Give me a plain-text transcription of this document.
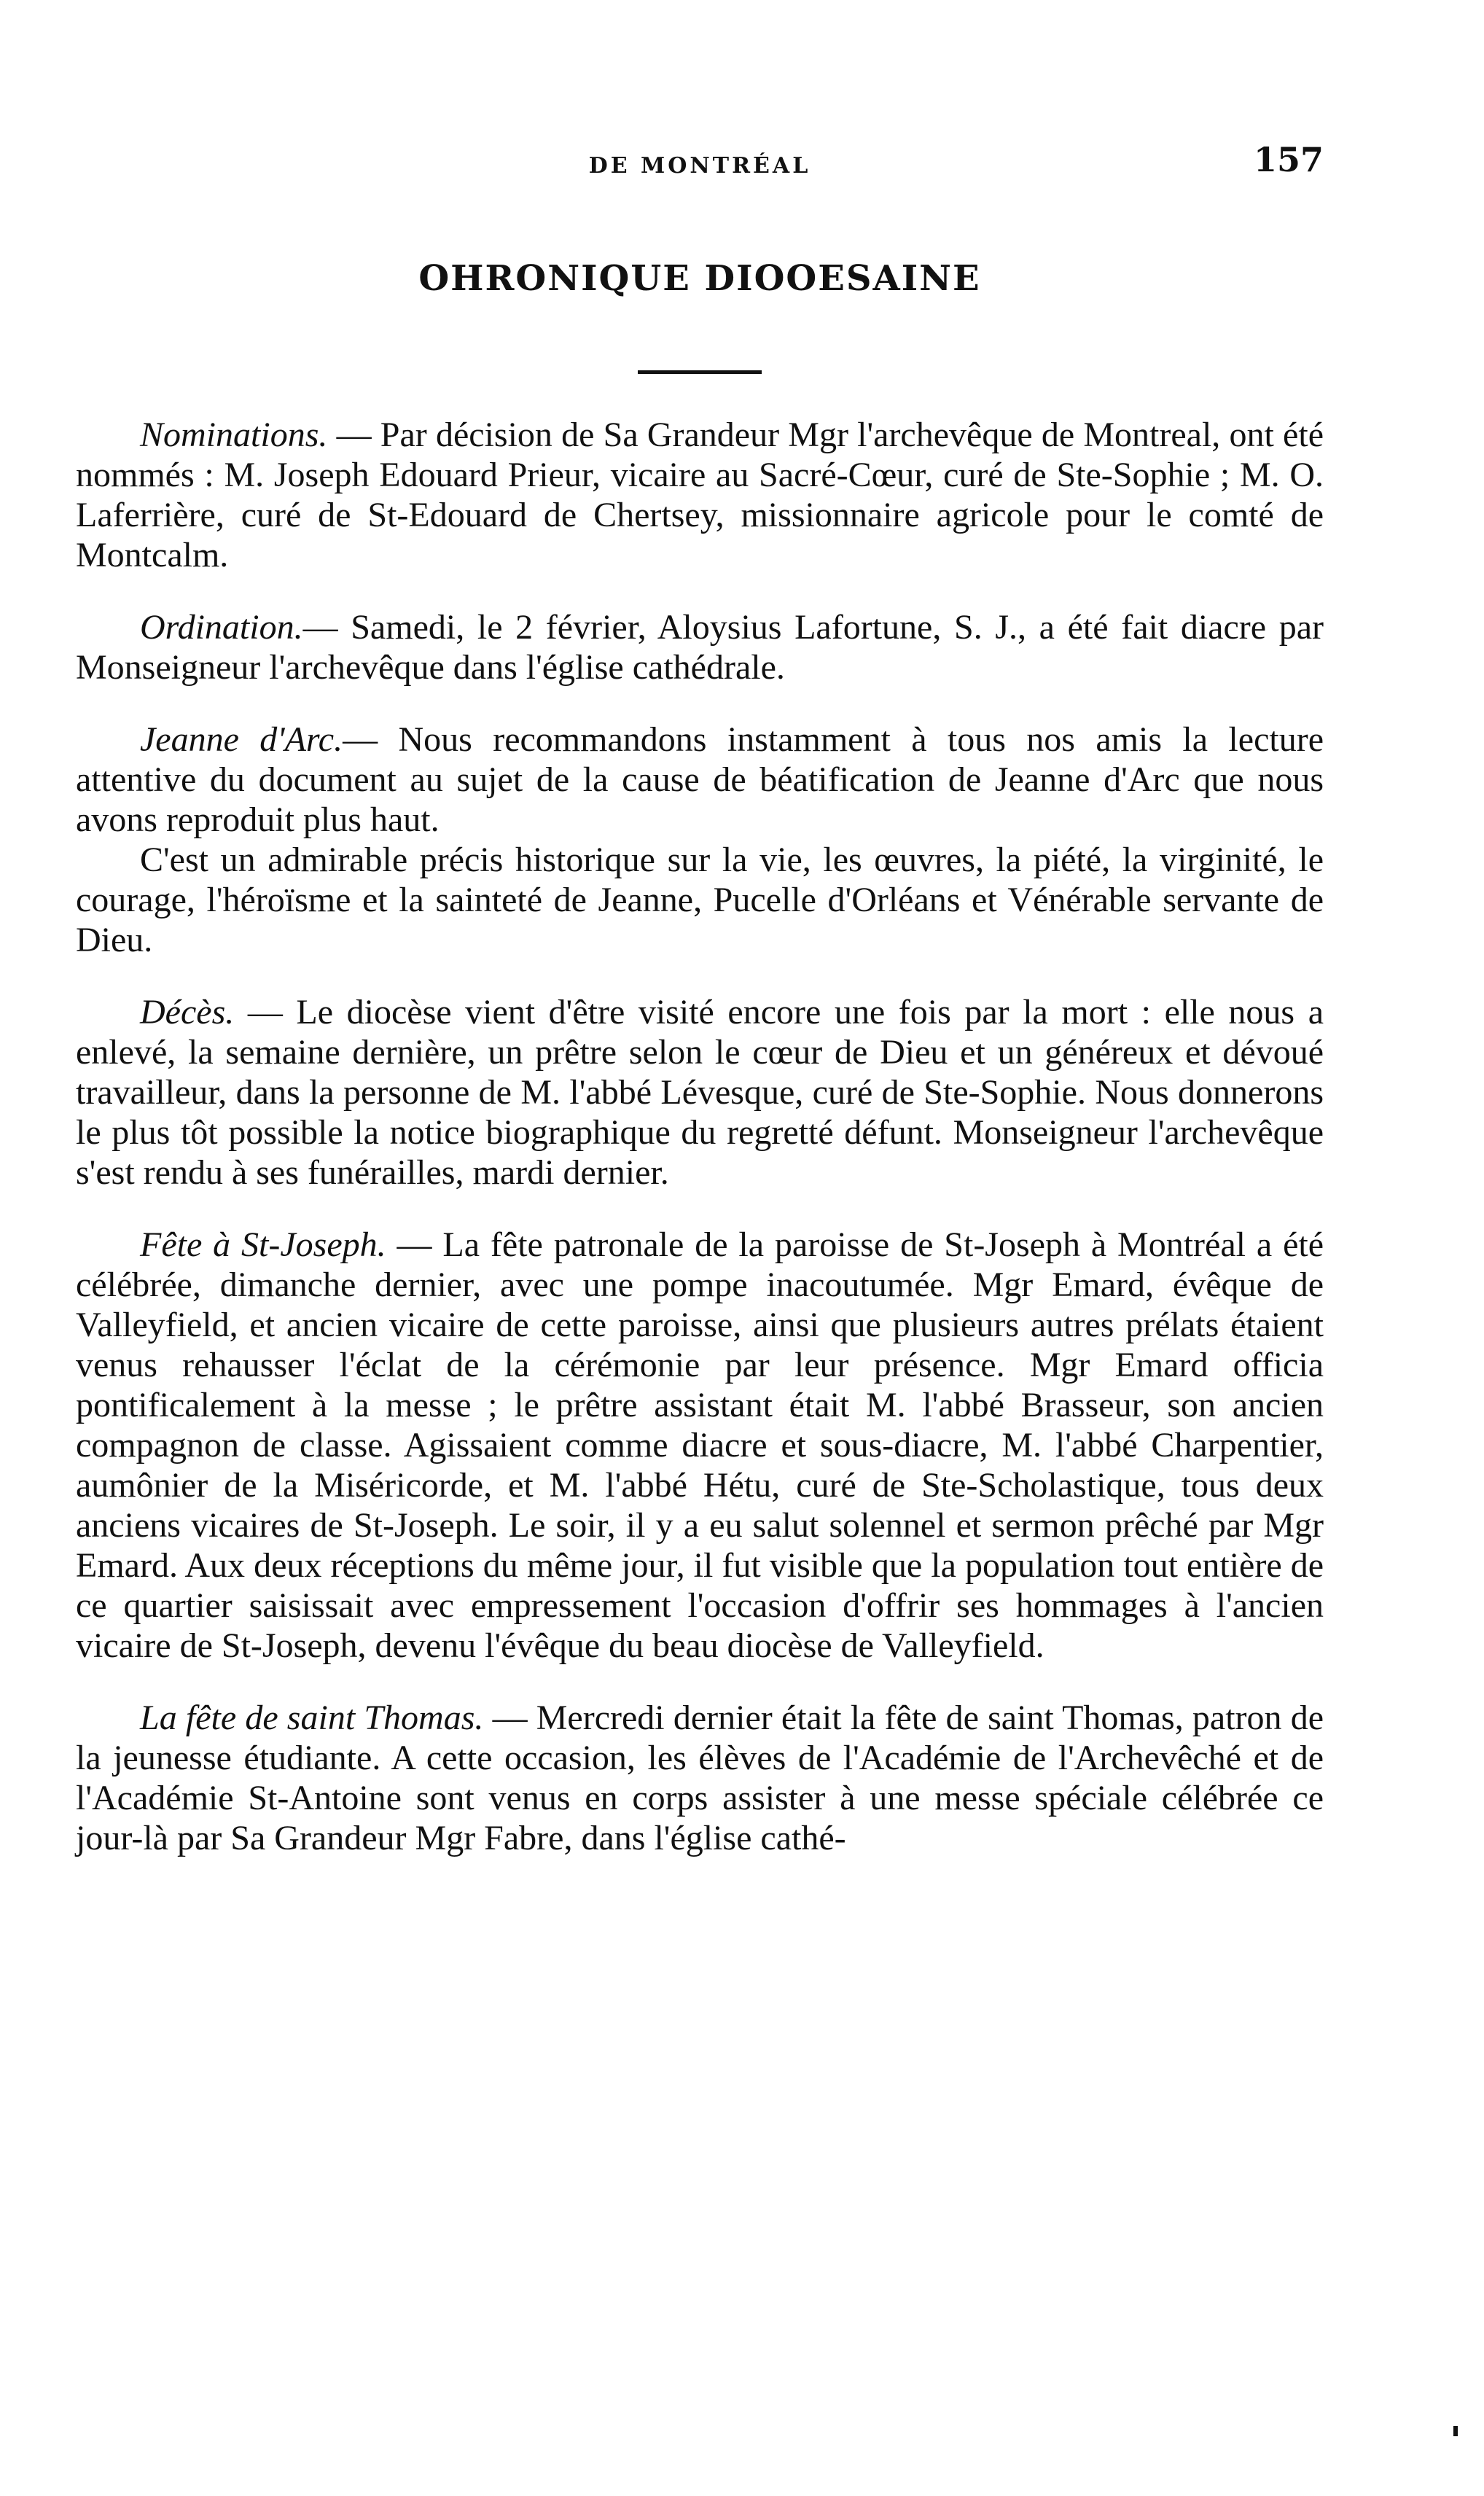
DE MONTRÉAL	157
OHRONIQUE DIOOESAINE

Nominations. — Par décision de Sa Grandeur Mgr l'archevêque de Montreal, ont été nommés : M. Joseph Edouard Prieur, vicaire au Sacré-Cœur, curé de Ste-Sophie ; M. O. Laferrière, curé de St-Edouard de Chertsey, missionnaire agricole pour le comté de Montcalm.

Ordination.— Samedi, le 2 février, Aloysius Lafortune, S. J., a été fait diacre par Monseigneur l'archevêque dans l'église cathédrale.

Jeanne d'Arc.— Nous recommandons instamment à tous nos amis la lecture attentive du document au sujet de la cause de béatification de Jeanne d'Arc que nous avons reproduit plus haut.

C'est un admirable précis historique sur la vie, les œuvres, la piété, la virginité, le courage, l'héroïsme et la sainteté de Jeanne, Pucelle d'Orléans et Vénérable servante de Dieu.

Décès. — Le diocèse vient d'être visité encore une fois par la mort : elle nous a enlevé, la semaine dernière, un prêtre selon le cœur de Dieu et un généreux et dévoué travailleur, dans la personne de M. l'abbé Lévesque, curé de Ste-Sophie. Nous donnerons le plus tôt possible la notice biographique du regretté défunt. Monseigneur l'archevêque s'est rendu à ses funérailles, mardi dernier.

Fête à St-Joseph. — La fête patronale de la paroisse de St-Joseph à Montréal a été célébrée, dimanche dernier, avec une pompe inacoutumée. Mgr Emard, évêque de Valleyfield, et ancien vicaire de cette paroisse, ainsi que plusieurs autres prélats étaient venus rehausser l'éclat de la cérémonie par leur présence. Mgr Emard officia pontificalement à la messe ; le prêtre assistant était M. l'abbé Brasseur, son ancien compagnon de classe. Agissaient comme diacre et sous-diacre, M. l'abbé Charpentier, aumônier de la Miséricorde, et M. l'abbé Hétu, curé de Ste-Scholastique, tous deux anciens vicaires de St-Joseph. Le soir, il y a eu salut solennel et sermon prêché par Mgr Emard. Aux deux réceptions du même jour, il fut visible que la population tout entière de ce quartier saisissait avec empressement l'occasion d'offrir ses hommages à l'ancien vicaire de St-Joseph, devenu l'évêque du beau diocèse de Valleyfield.

La fête de saint Thomas. — Mercredi dernier était la fête de saint Thomas, patron de la jeunesse étudiante. A cette occasion, les élèves de l'Académie de l'Archevêché et de l'Académie St-Antoine sont venus en corps assister à une messe spéciale célébrée ce jour-là par Sa Grandeur Mgr Fabre, dans l'église cathé-
